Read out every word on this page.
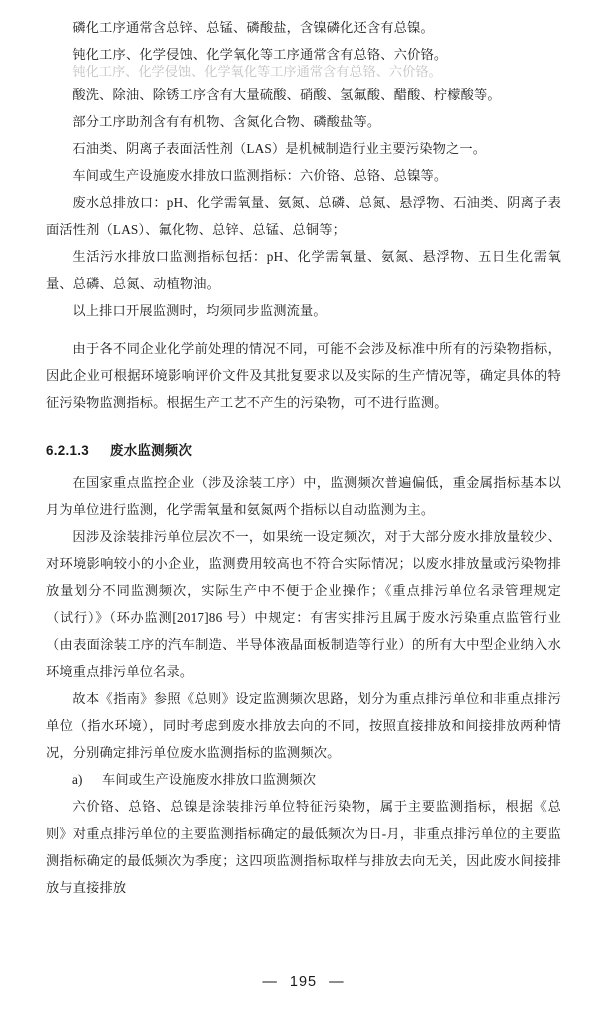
磷化工序通常含总锌、总锰、磷酸盐，含镍磷化还含有总镍。
钝化工序、化学侵蚀、化学氧化等工序通常含有总铬、六价铬。
钝化工序、化学侵蚀、化学氧化等工序通常含有总铬、六价铬。
酸洗、除油、除锈工序含有大量硫酸、硝酸、氢氟酸、醋酸、柠檬酸等。
部分工序助剂含有有机物、含氮化合物、磷酸盐等。
石油类、阴离子表面活性剂（LAS）是机械制造行业主要污染物之一。
车间或生产设施废水排放口监测指标：六价铬、总铬、总镍等。
废水总排放口：pH、化学需氧量、氨氮、总磷、总氮、悬浮物、石油类、阴离子表面活性剂（LAS）、氟化物、总锌、总锰、总铜等；
生活污水排放口监测指标包括：pH、化学需氧量、氨氮、悬浮物、五日生化需氧量、总磷、总氮、动植物油。
以上排口开展监测时，均须同步监测流量。
由于各不同企业化学前处理的情况不同，可能不会涉及标准中所有的污染物指标，因此企业可根据环境影响评价文件及其批复要求以及实际的生产情况等，确定具体的特征污染物监测指标。根据生产工艺不产生的污染物，可不进行监测。
6.2.1.3 废水监测频次
在国家重点监控企业（涉及涂装工序）中，监测频次普遍偏低，重金属指标基本以月为单位进行监测，化学需氧量和氨氮两个指标以自动监测为主。
因涉及涂装排污单位层次不一，如果统一设定频次，对于大部分废水排放量较少、对环境影响较小的小企业，监测费用较高也不符合实际情况；以废水排放量或污染物排放量划分不同监测频次，实际生产中不便于企业操作；《重点排污单位名录管理规定（试行）》（环办监测[2017]86 号）中规定：有害实排污且属于废水污染重点监管行业（由表面涂装工序的汽车制造、半导体液晶面板制造等行业）的所有大中型企业纳入水环境重点排污单位名录。
故本《指南》参照《总则》设定监测频次思路，划分为重点排污单位和非重点排污单位（指水环境），同时考虑到废水排放去向的不同，按照直接排放和间接排放两种情况，分别确定排污单位废水监测指标的监测频次。
a) 车间或生产设施废水排放口监测频次
六价铬、总铬、总镍是涂装排污单位特征污染物，属于主要监测指标，根据《总则》对重点排污单位的主要监测指标确定的最低频次为日-月，非重点排污单位的主要监测指标确定的最低频次为季度；这四项监测指标取样与排放去向无关，因此废水间接排放与直接排放
— 195 —
